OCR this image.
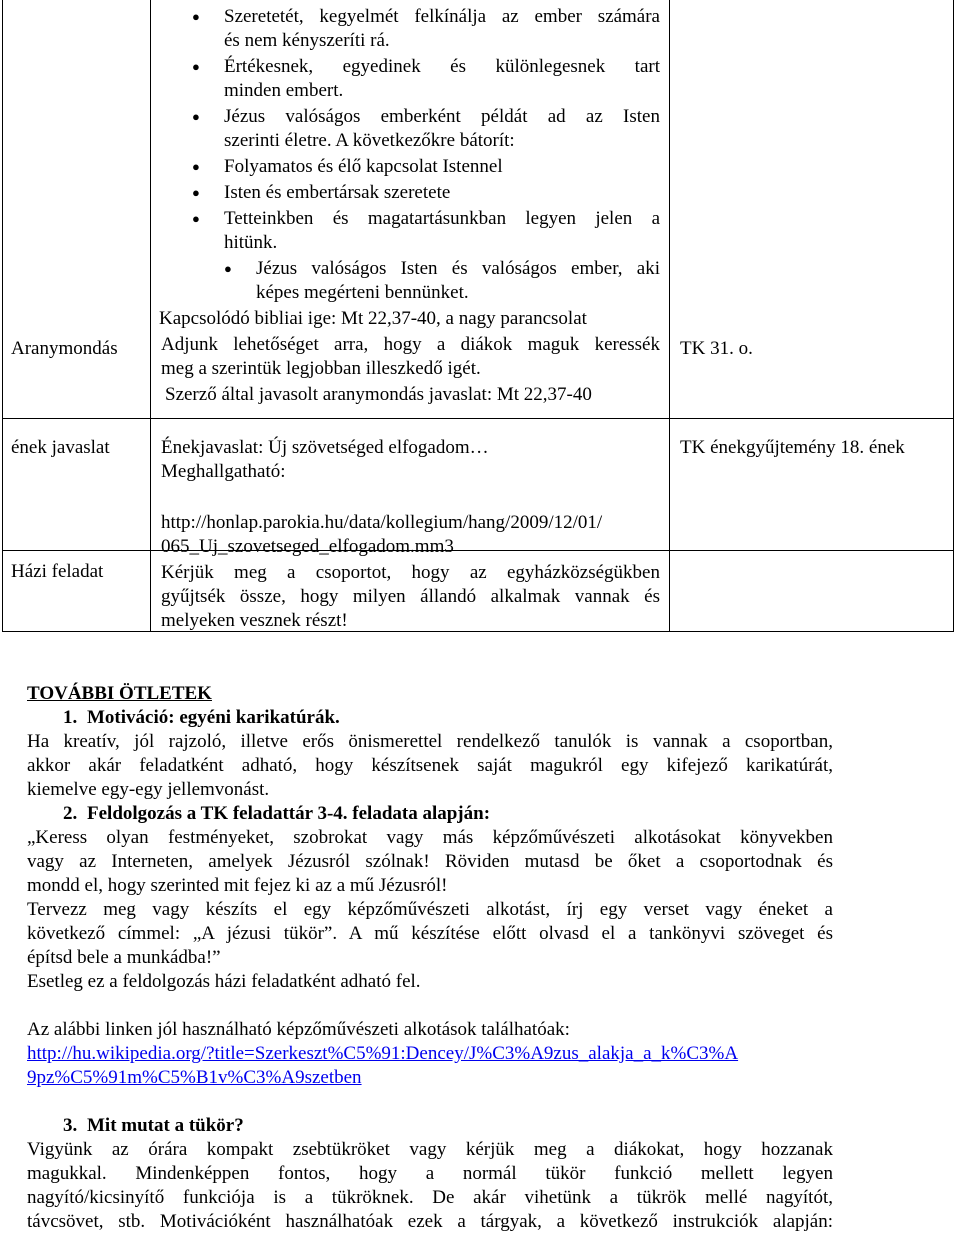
● Szeretetét, kegyelmét felkínálja az ember számára
és nem kényszeríti rá.
● Értékesnek, egyedinek és különlegesnek tart
minden embert.
● Jézus valóságos emberként példát ad az Isten
szerinti életre. A következőkre bátorít:
● Folyamatos és élő kapcsolat Istennel
● Isten és embertársak szeretete
● Tetteinkben és magatartásunkban legyen jelen a
hitünk.
● Jézus valóságos Isten és valóságos ember, aki
képes megérteni bennünket.
Kapcsolódó bibliai ige: Mt 22,37-40, a nagy parancsolat
Adjunk lehetőséget arra, hogy a diákok maguk keressék
meg a szerintük legjobban illeszkedő igét.
Szerző által javasolt aranymondás javaslat: Mt 22,37-40
Aranymondás	TK 31. o.
ének javaslat	Énekjavaslat: Új szövetséged elfogadom…
Meghallgatható:
TK énekgyűjtemény 18. ének
http://honlap.parokia.hu/data/kollegium/hang/2009/12/01/
065_Uj_szovetseged_elfogadom.mm3
Kérjük meg a csoportot, hogy az egyházközségükben
gyűjtsék össze, hogy milyen állandó alkalmak vannak és
melyeken vesznek részt!
Házi feladat
TOVÁBBI ÖTLETEK
1. Motiváció: egyéni karikatúrák.
Ha kreatív, jól rajzoló, illetve erős önismerettel rendelkező tanulók is vannak a csoportban,
akkor akár feladatként adható, hogy készítsenek saját magukról egy kifejező karikatúrát,
kiemelve egy-egy jellemvonást.
2. Feldolgozás a TK feladattár 3-4. feladata alapján:
„Keress olyan festményeket, szobrokat vagy más képzőművészeti alkotásokat könyvekben
vagy az Interneten, amelyek Jézusról szólnak! Röviden mutasd be őket a csoportodnak és
mondd el, hogy szerinted mit fejez ki az a mű Jézusról!
Tervezz meg vagy készíts el egy képzőművészeti alkotást, írj egy verset vagy éneket a
következő címmel: „A jézusi tükör”. A mű készítése előtt olvasd el a tankönyvi szöveget és
építsd bele a munkádba!”
Esetleg ez a feldolgozás házi feladatként adható fel.
Az alábbi linken jól használható képzőművészeti alkotások találhatóak:
http://hu.wikipedia.org/?title=Szerkeszt%C5%91:Dencey/J%C3%A9zus_alakja_a_k%C3%A
9pz%C5%91m%C5%B1v%C3%A9szetben
3. Mit mutat a tükör?
Vigyünk az órára kompakt zsebtükröket vagy kérjük meg a diákokat, hogy hozzanak
magukkal. Mindenképpen fontos, hogy a normál tükör funkció mellett legyen
nagyító/kicsinyítő funkciója is a tükröknek. De akár vihetünk a tükrök mellé nagyítót,
távcsövet, stb. Motivációként használhatóak ezek a tárgyak, a következő instrukciók alapján:
